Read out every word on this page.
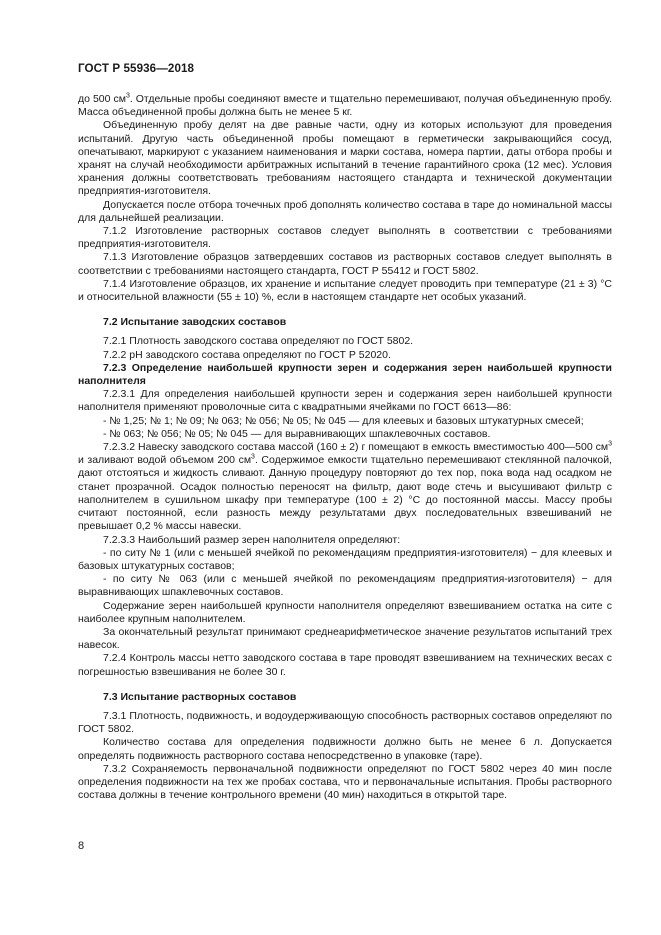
ГОСТ Р 55936—2018

до 500 $см^3$. Отдельные пробы соединяют вместе и тщательно перемешивают, получая объединенную пробу. Масса объединенной пробы должна быть не менее 5 кг.

Объединенную пробу делят на две равные части, одну из которых используют для проведения испытаний. Другую часть объединенной пробы помещают в герметически закрывающийся сосуд, опечатывают, маркируют с указанием наименования и марки состава, номера партии, даты отбора пробы и хранят на случай необходимости арбитражных испытаний в течение гарантийного срока (12 мес). Условия хранения должны соответствовать требованиям настоящего стандарта и технической документации предприятия-изготовителя.

Допускается после отбора точечных проб дополнять количество состава в таре до номинальной массы для дальнейшей реализации.

7.1.2 Изготовление растворных составов следует выполнять в соответствии с требованиями предприятия-изготовителя.

7.1.3 Изготовление образцов затвердевших составов из растворных составов следует выполнять в соответствии с требованиями настоящего стандарта, ГОСТ Р 55412 и ГОСТ 5802.

7.1.4 Изготовление образцов, их хранение и испытание следует проводить при температуре (21 ± 3) °С и относительной влажности (55 ± 10) %, если в настоящем стандарте нет особых указаний.

7.2 Испытание заводских составов

7.2.1 Плотность заводского состава определяют по ГОСТ 5802.

7.2.2 pH заводского состава определяют по ГОСТ Р 52020.

7.2.3 Определение наибольшей крупности зерен и содержания зерен наибольшей крупности наполнителя

7.2.3.1 Для определения наибольшей крупности зерен и содержания зерен наибольшей крупности наполнителя применяют проволочные сита с квадратными ячейками по ГОСТ 6613—86:

- № 1,25; № 1; № 09; № 063; № 056; № 05; № 045 — для клеевых и базовых штукатурных смесей;

- № 063; № 056; № 05; № 045 — для выравнивающих шпаклевочных составов.

7.2.3.2 Навеску заводского состава массой (160 ± 2) г помещают в емкость вместимостью 400—500 $см^3$ и заливают водой объемом 200 $см^3$. Содержимое емкости тщательно перемешивают стеклянной палочкой, дают отстояться и жидкость сливают. Данную процедуру повторяют до тех пор, пока вода над осадком не станет прозрачной. Осадок полностью переносят на фильтр, дают воде стечь и высушивают фильтр с наполнителем в сушильном шкафу при температуре (100 ± 2) °С до постоянной массы. Массу пробы считают постоянной, если разность между результатами двух последовательных взвешиваний не превышает 0,2 % массы навески.

7.2.3.3 Наибольший размер зерен наполнителя определяют:

- по ситу № 1 (или с меньшей ячейкой по рекомендациям предприятия-изготовителя) − для клеевых и базовых штукатурных составов;

- по ситу № 063 (или с меньшей ячейкой по рекомендациям предприятия-изготовителя) − для выравнивающих шпаклевочных составов.

Содержание зерен наибольшей крупности наполнителя определяют взвешиванием остатка на сите с наиболее крупным наполнителем.

За окончательный результат принимают среднеарифметическое значение результатов испытаний трех навесок.

7.2.4 Контроль массы нетто заводского состава в таре проводят взвешиванием на технических весах с погрешностью взвешивания не более 30 г.

7.3 Испытание растворных составов

7.3.1 Плотность, подвижность, и водоудерживающую способность растворных составов определяют по ГОСТ 5802.

Количество состава для определения подвижности должно быть не менее 6 л. Допускается определять подвижность растворного состава непосредственно в упаковке (таре).

7.3.2 Сохраняемость первоначальной подвижности определяют по ГОСТ 5802 через 40 мин после определения подвижности на тех же пробах состава, что и первоначальные испытания. Пробы растворного состава должны в течение контрольного времени (40 мин) находиться в открытой таре.

8
